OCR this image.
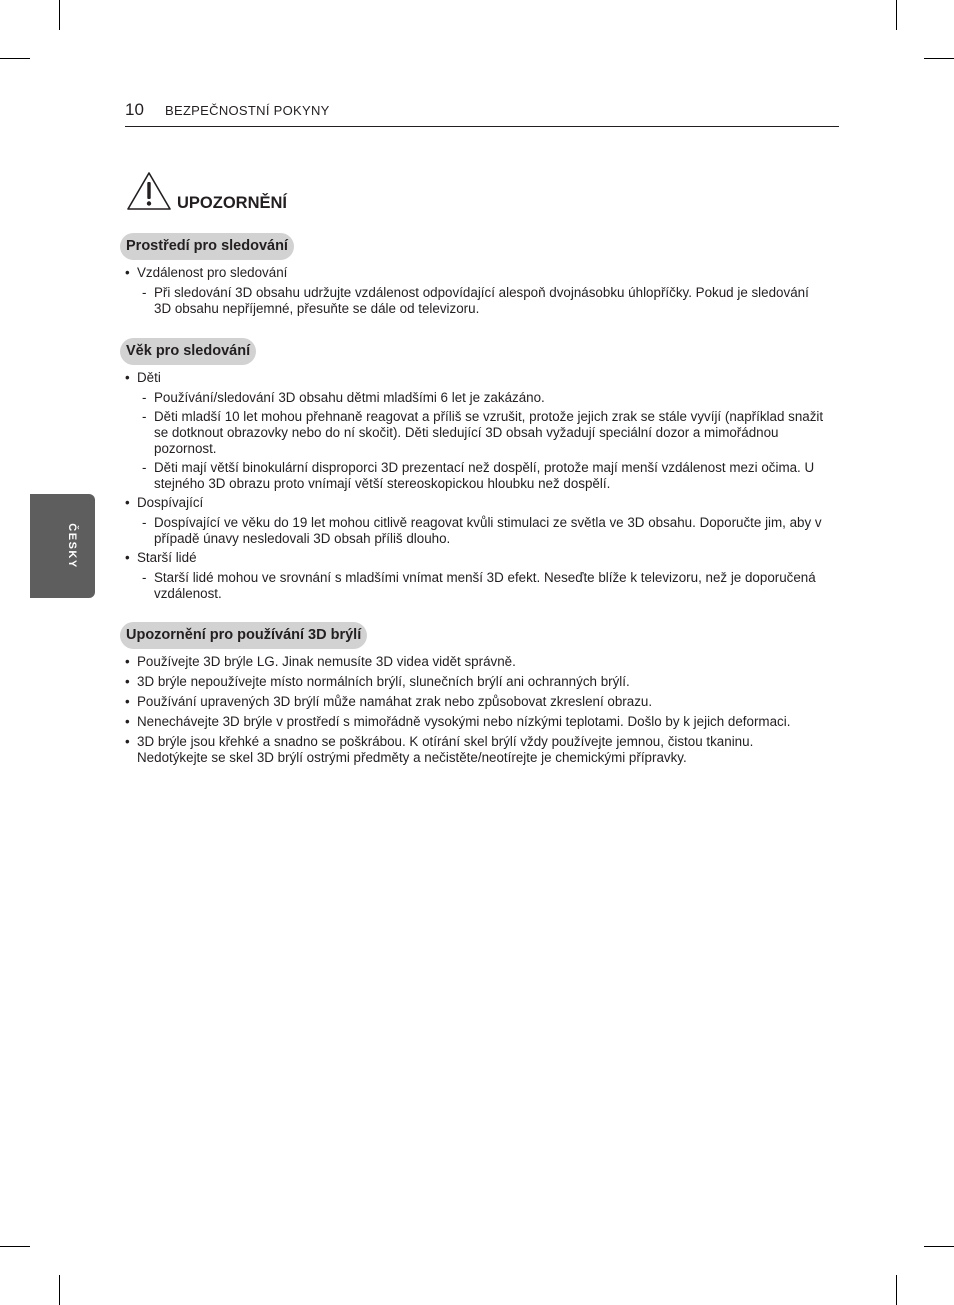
10 BEZPEČNOSTNÍ POKYNY
ČESKY
UPOZORNĚNÍ
Prostředí pro sledování
• Vzdálenost pro sledování
- Při sledování 3D obsahu udržujte vzdálenost odpovídající alespoň dvojnásobku úhlopříčky. Pokud je sledování 3D obsahu nepříjemné, přesuňte se dále od televizoru.
Věk pro sledování
• Děti
- Používání/sledování 3D obsahu dětmi mladšími 6 let je zakázáno.
- Děti mladší 10 let mohou přehnaně reagovat a příliš se vzrušit, protože jejich zrak se stále vyvíjí (například snažit se dotknout obrazovky nebo do ní skočit). Děti sledující 3D obsah vyžadují speciální dozor a mimořádnou pozornost.
- Děti mají větší binokulární disproporci 3D prezentací než dospělí, protože mají menší vzdálenost mezi očima. U stejného 3D obrazu proto vnímají větší stereoskopickou hloubku než dospělí.
• Dospívající
- Dospívající ve věku do 19 let mohou citlivě reagovat kvůli stimulaci ze světla ve 3D obsahu. Doporučte jim, aby v případě únavy nesledovali 3D obsah příliš dlouho.
• Starší lidé
- Starší lidé mohou ve srovnání s mladšími vnímat menší 3D efekt. Neseďte blíže k televizoru, než je doporučená vzdálenost.
Upozornění pro používání 3D brýlí
• Používejte 3D brýle LG. Jinak nemusíte 3D videa vidět správně.
• 3D brýle nepoužívejte místo normálních brýlí, slunečních brýlí ani ochranných brýlí.
• Používání upravených 3D brýlí může namáhat zrak nebo způsobovat zkreslení obrazu.
• Nenechávejte 3D brýle v prostředí s mimořádně vysokými nebo nízkými teplotami. Došlo by k jejich deformaci.
• 3D brýle jsou křehké a snadno se poškrábou. K otírání skel brýlí vždy používejte jemnou, čistou tkaninu. Nedotýkejte se skel 3D brýlí ostrými předměty a nečistěte/neotírejte je chemickými přípravky.
